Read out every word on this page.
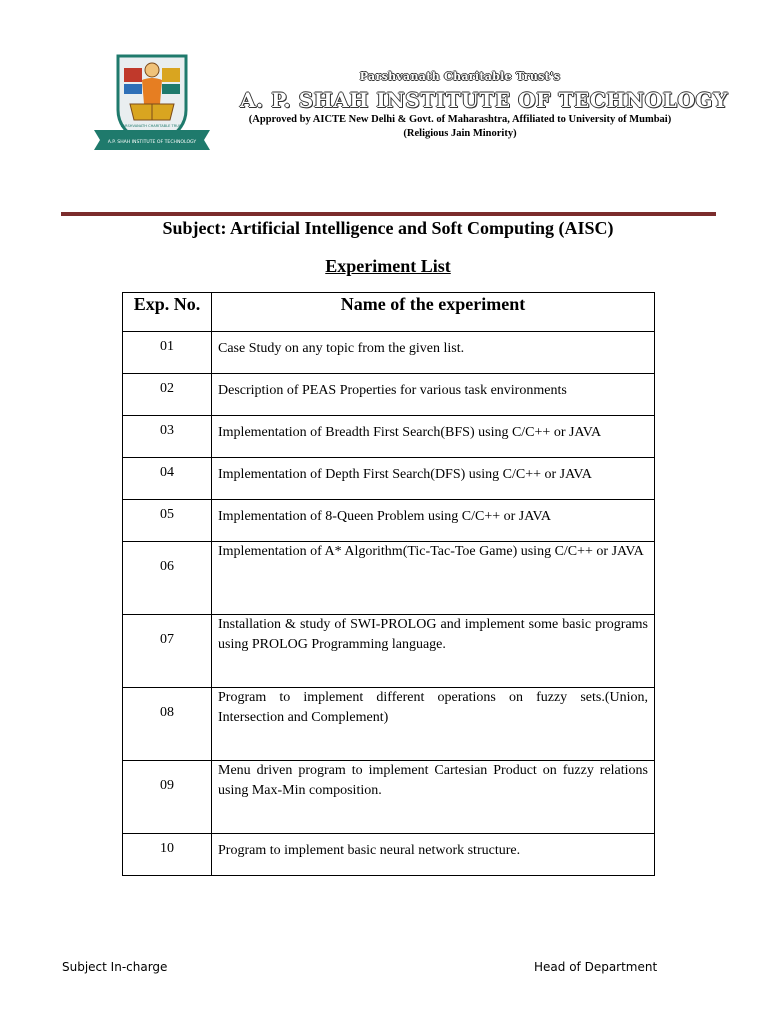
A.P. SHAH INSTITUTE OF TECHNOLOGY
PARSHVANATH CHARITABLE TRUST
Parshvanath Charitable Trust's
A. P. SHAH INSTITUTE OF TECHNOLOGY
(Approved by AICTE New Delhi & Govt. of Maharashtra, Affiliated to University of Mumbai)
(Religious Jain Minority)
Subject: Artificial Intelligence and Soft Computing (AISC)
Experiment List
Exp. No.	Name of the experiment
01	Case Study on any topic from the given list.
02	Description of PEAS Properties for various task environments
03	Implementation of Breadth First Search(BFS) using C/C++ or JAVA
04	Implementation of Depth First Search(DFS) using C/C++ or JAVA
05	Implementation of 8-Queen Problem using C/C++ or JAVA
06	Implementation of A* Algorithm(Tic-Tac-Toe Game) using C/C++ or JAVA
07	Installation & study of SWI-PROLOG and implement some basic programs using PROLOG Programming language.
08	Program to implement different operations on fuzzy sets.(Union, Intersection and Complement)
09	Menu driven program to implement Cartesian Product on fuzzy relations using Max-Min composition.
10	Program to implement basic neural network structure.
Subject In-charge	Head of Department
